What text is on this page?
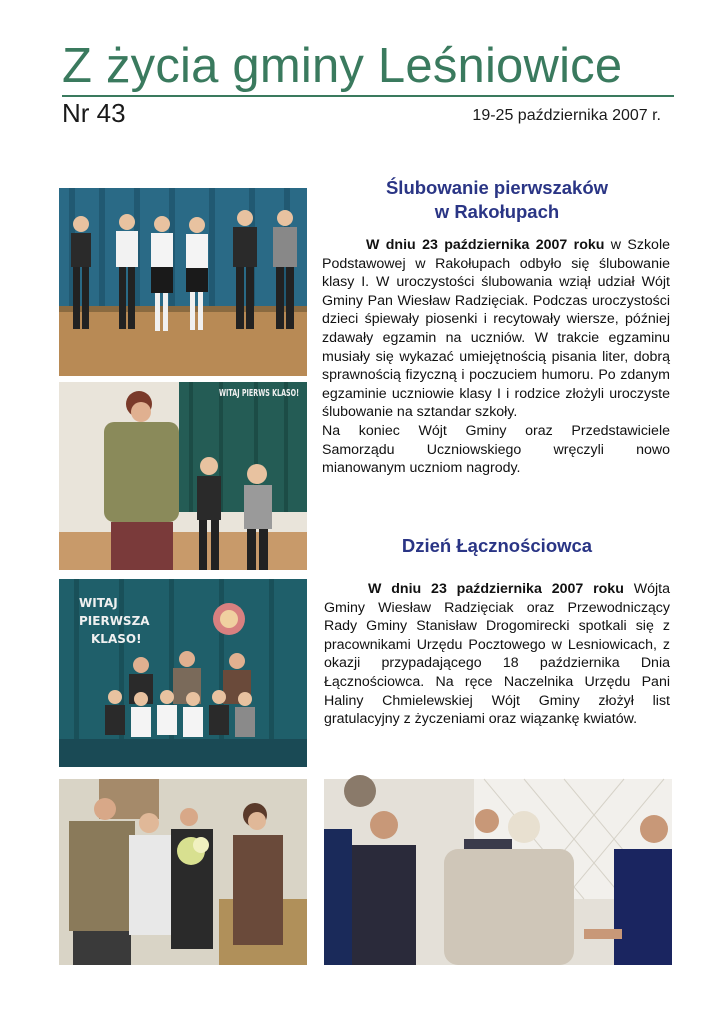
Z życia gminy Leśniowice
Nr 43	19-25 października 2007 r.
WITAJ PIERWS KLASO!
WITAJ
PIERWSZA
KLASO!
Ślubowanie pierwszaków
w Rakołupach

W dniu 23 października 2007 roku w Szkole Podstawowej w Rakołupach odbyło się ślubowanie klasy I. W uroczystości ślubowania wziął udział Wójt Gminy Pan Wiesław Radzięciak. Podczas uroczystości dzieci śpiewały piosenki i recytowały wiersze, później zdawały egzamin na uczniów. W trakcie egzaminu musiały się wykazać umiejętnością pisania liter, dobrą sprawnością fizyczną i poczuciem humoru. Po zdanym egzaminie uczniowie klasy I i rodzice złożyli uroczyste ślubowanie na sztandar szkoły.

Na koniec Wójt Gminy oraz Przedstawiciele Samorządu Uczniowskiego wręczyli nowo mianowanym uczniom nagrody.

Dzień Łącznościowca

W dniu 23 października 2007 roku Wójta Gminy Wiesław Radzięciak oraz Przewodniczący Rady Gminy Stanisław Drogomirecki spotkali się z pracownikami Urzędu Pocztowego w Lesniowicach, z okazji przypadającego 18 października Dnia Łącznościowca. Na ręce Naczelnika Urzędu Pani Haliny Chmielewskiej Wójt Gminy złożył list gratulacyjny z życzeniami oraz wiązankę kwiatów.
